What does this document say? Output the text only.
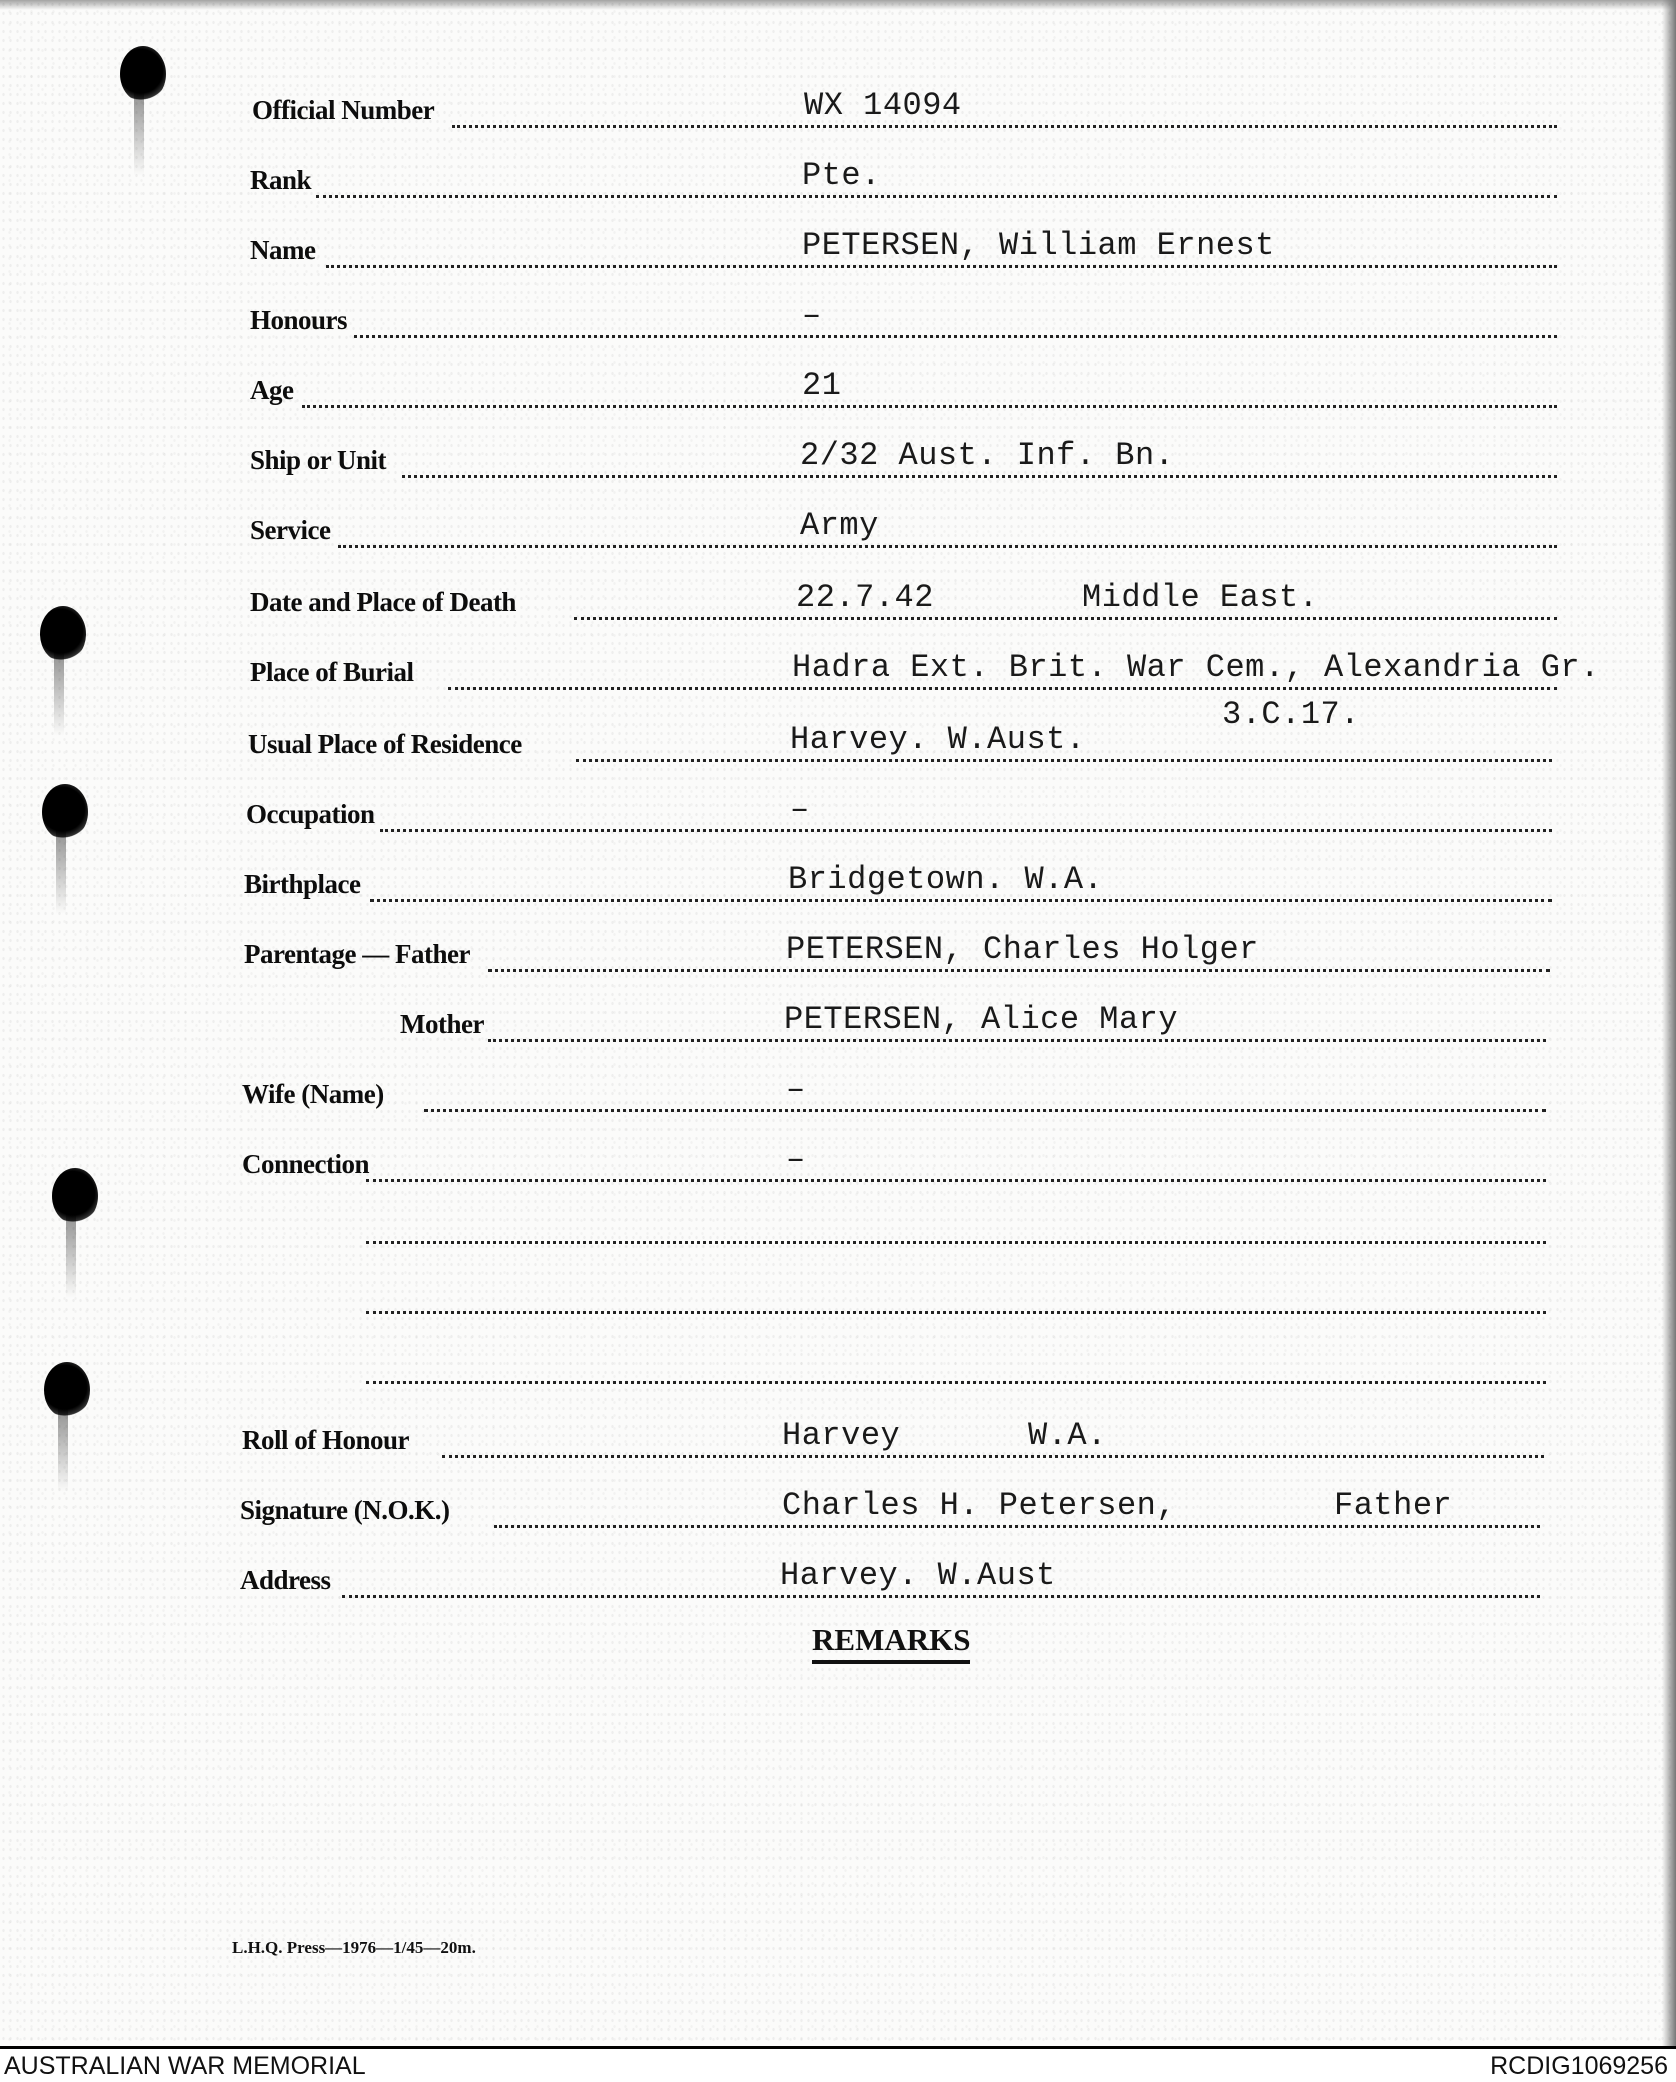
Official Number	WX 14094
Rank	Pte.
Name	PETERSEN, William Ernest
Honours	–
Age	21
Ship or Unit	2/32 Aust. Inf. Bn.
Service	Army
Date and Place of Death	22.7.42	Middle East.
Place of Burial	Hadra Ext. Brit. War Cem., Alexandria Gr.
3.C.17.
Usual Place of Residence	Harvey. W.Aust.
Occupation	–
Birthplace	Bridgetown. W.A.
Parentage — Father	PETERSEN, Charles Holger
Mother	PETERSEN, Alice Mary
Wife (Name)	–
Connection	–
Roll of Honour	Harvey	W.A.
Signature (N.O.K.)	Charles H. Petersen,	Father
Address	Harvey. W.Aust
REMARKS
L.H.Q. Press—1976—1/45—20m.
AUSTRALIAN WAR MEMORIAL	RCDIG1069256
